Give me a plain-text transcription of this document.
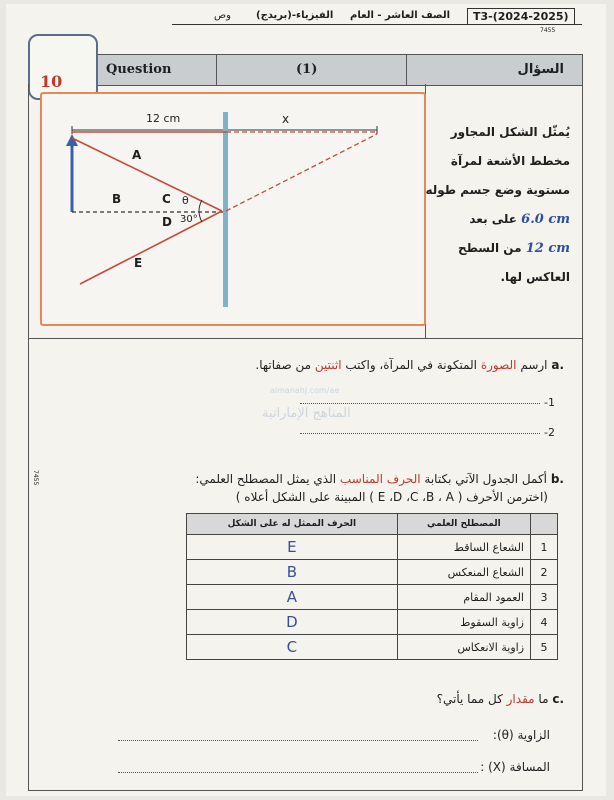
T3-(2024-2025)
الصف العاشر - العام
الفيزياء-(بريدج)
وص
7455
Question	(1)	السؤال
10
12 cm	x
A
B	C
D
E
θ
30°
يُمثّل الشكل المجاور
مخطط الأشعة لمرآة
مستوية وضع جسم طوله
6.0 cm على بعد
12 cm من السطح
العاكس لها.
a. ارسم الصورة المتكونة في المرآة، واكتب اثنتين من صفاتها.
-1
-2
almanahj.com/ae
المناهج الإماراتية
7455	b. أكمل الجدول الآتي بكتابة الحرف المناسب الذي يمثل المصطلح العلمي:
(اخترمن الأحرف ( E ،D ،C ،B ، A ) المبينة على الشكل أعلاه )
الحرف الممثل له على الشكل	المصطلح العلمي	
E	الشعاع الساقط	1
B	الشعاع المنعكس	2
A	العمود المقام	3
D	زاوية السقوط	4
C	زاوية الانعكاس	5
c. ما مقدار كل مما يأتي؟
الزاوية (θ):
المسافة (X) :
